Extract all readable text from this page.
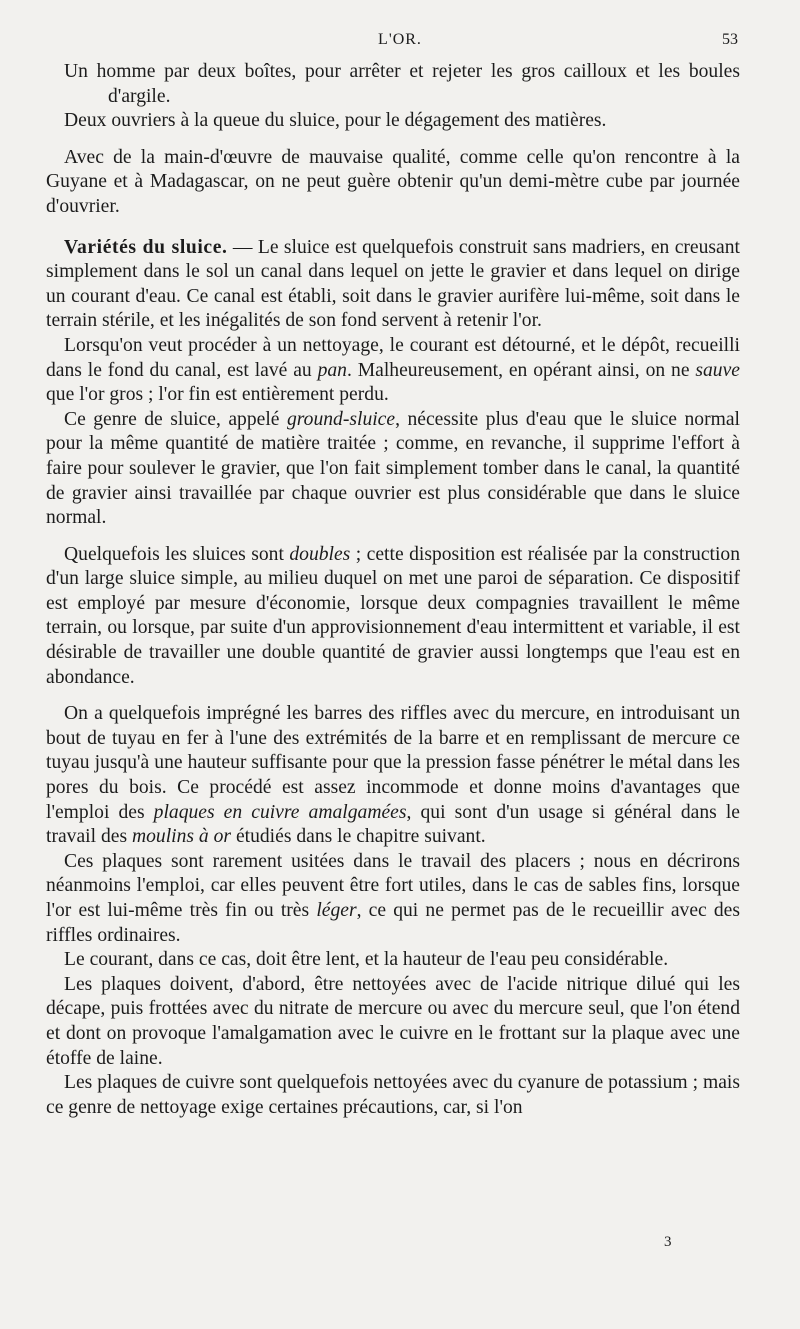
L'OR.	53

Un homme par deux boîtes, pour arrêter et rejeter les gros cailloux et les boules d'argile.

Deux ouvriers à la queue du sluice, pour le dégagement des matières.

Avec de la main-d'œuvre de mauvaise qualité, comme celle qu'on rencontre à la Guyane et à Madagascar, on ne peut guère obtenir qu'un demi-mètre cube par journée d'ouvrier.

Variétés du sluice. — Le sluice est quelquefois construit sans madriers, en creusant simplement dans le sol un canal dans lequel on jette le gravier et dans lequel on dirige un courant d'eau. Ce canal est établi, soit dans le gravier aurifère lui-même, soit dans le terrain stérile, et les inégalités de son fond servent à retenir l'or.

Lorsqu'on veut procéder à un nettoyage, le courant est détourné, et le dépôt, recueilli dans le fond du canal, est lavé au pan. Malheureusement, en opérant ainsi, on ne sauve que l'or gros ; l'or fin est entièrement perdu.

Ce genre de sluice, appelé ground-sluice, nécessite plus d'eau que le sluice normal pour la même quantité de matière traitée ; comme, en revanche, il supprime l'effort à faire pour soulever le gravier, que l'on fait simplement tomber dans le canal, la quantité de gravier ainsi travaillée par chaque ouvrier est plus considérable que dans le sluice normal.

Quelquefois les sluices sont doubles ; cette disposition est réalisée par la construction d'un large sluice simple, au milieu duquel on met une paroi de séparation. Ce dispositif est employé par mesure d'économie, lorsque deux compagnies travaillent le même terrain, ou lorsque, par suite d'un approvisionnement d'eau intermittent et variable, il est désirable de travailler une double quantité de gravier aussi longtemps que l'eau est en abondance.

On a quelquefois imprégné les barres des riffles avec du mercure, en introduisant un bout de tuyau en fer à l'une des extrémités de la barre et en remplissant de mercure ce tuyau jusqu'à une hauteur suffisante pour que la pression fasse pénétrer le métal dans les pores du bois. Ce procédé est assez incommode et donne moins d'avantages que l'emploi des plaques en cuivre amalgamées, qui sont d'un usage si général dans le travail des moulins à or étudiés dans le chapitre suivant.

Ces plaques sont rarement usitées dans le travail des placers ; nous en décrirons néanmoins l'emploi, car elles peuvent être fort utiles, dans le cas de sables fins, lorsque l'or est lui-même très fin ou très léger, ce qui ne permet pas de le recueillir avec des riffles ordinaires.

Le courant, dans ce cas, doit être lent, et la hauteur de l'eau peu considérable.

Les plaques doivent, d'abord, être nettoyées avec de l'acide nitrique dilué qui les décape, puis frottées avec du nitrate de mercure ou avec du mercure seul, que l'on étend et dont on provoque l'amalgamation avec le cuivre en le frottant sur la plaque avec une étoffe de laine.

Les plaques de cuivre sont quelquefois nettoyées avec du cyanure de potassium ; mais ce genre de nettoyage exige certaines précautions, car, si l'on

3
